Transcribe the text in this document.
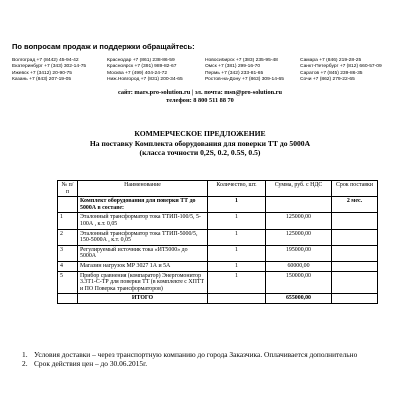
По вопросам продаж и поддержки обращайтесь:
Волгоград +7 (8442) 45-94-42
Екатеринбург +7 (343) 302-14-75
Ижевск +7 (3412) 20-90-75
Казань +7 (843) 207-19-05
Краснодар +7 (861) 238-86-59
Красноярск +7 (391) 989-82-67
Москва +7 (499) 404-24-72
Ниж.Новгород +7 (831) 200-34-65
Новосибирск +7 (383) 235-95-48
Омск +7 (381) 299-16-70
Пермь +7 (342) 233-81-65
Ростов-на-Дону +7 (863) 309-14-65
Самара +7 (846) 219-28-25
Санкт-Петербург +7 (812) 660-57-09
Саратов +7 (845) 239-86-35
Сочи +7 (862) 279-22-65
сайт: mars.pro-solution.ru | эл. почта: msn@pro-solution.ru
телефон: 8 800 511 88 70
КОММЕРЧЕСКОЕ ПРЕДЛОЖЕНИЕ
На поставку Комплекта оборудования для поверки ТТ до 5000А
(класса точности 0,2S, 0.2, 0.5S, 0.5)
№ п/п	Наименование	Количество, шт.	Сумма, руб. с НДС	Срок поставки
	Комплект оборудования для поверки ТТ до 5000А в составе:	1		2 мес.
1	Эталонный трансформатор тока ТТИП-100/5, 5-100А , к.т. 0,05	1	125000,00	
2	Эталонный трансформатор тока ТТИП-5000/5, 150-5000А , к.т. 0,05	1	125000,00	
3	Регулируемый источник тока «ИТ5000» до 5000А	1	195000,00	
4	Магазин нагрузок МР 3027 1А и 5А	1	60000,00	
5	Прибор сравнения (компаратор) Энергомонитор 3.3Т1-С-ТР для поверки ТТ (в комплекте с ХПТТ и ПО Поверка трансформаторов)	1	150000,00	
	ИТОГО		655000,00	
1. Условия доставки – через транспортную компанию до города Заказчика. Оплачивается дополнительно
2. Срок действия цен – до 30.06.2015г.
